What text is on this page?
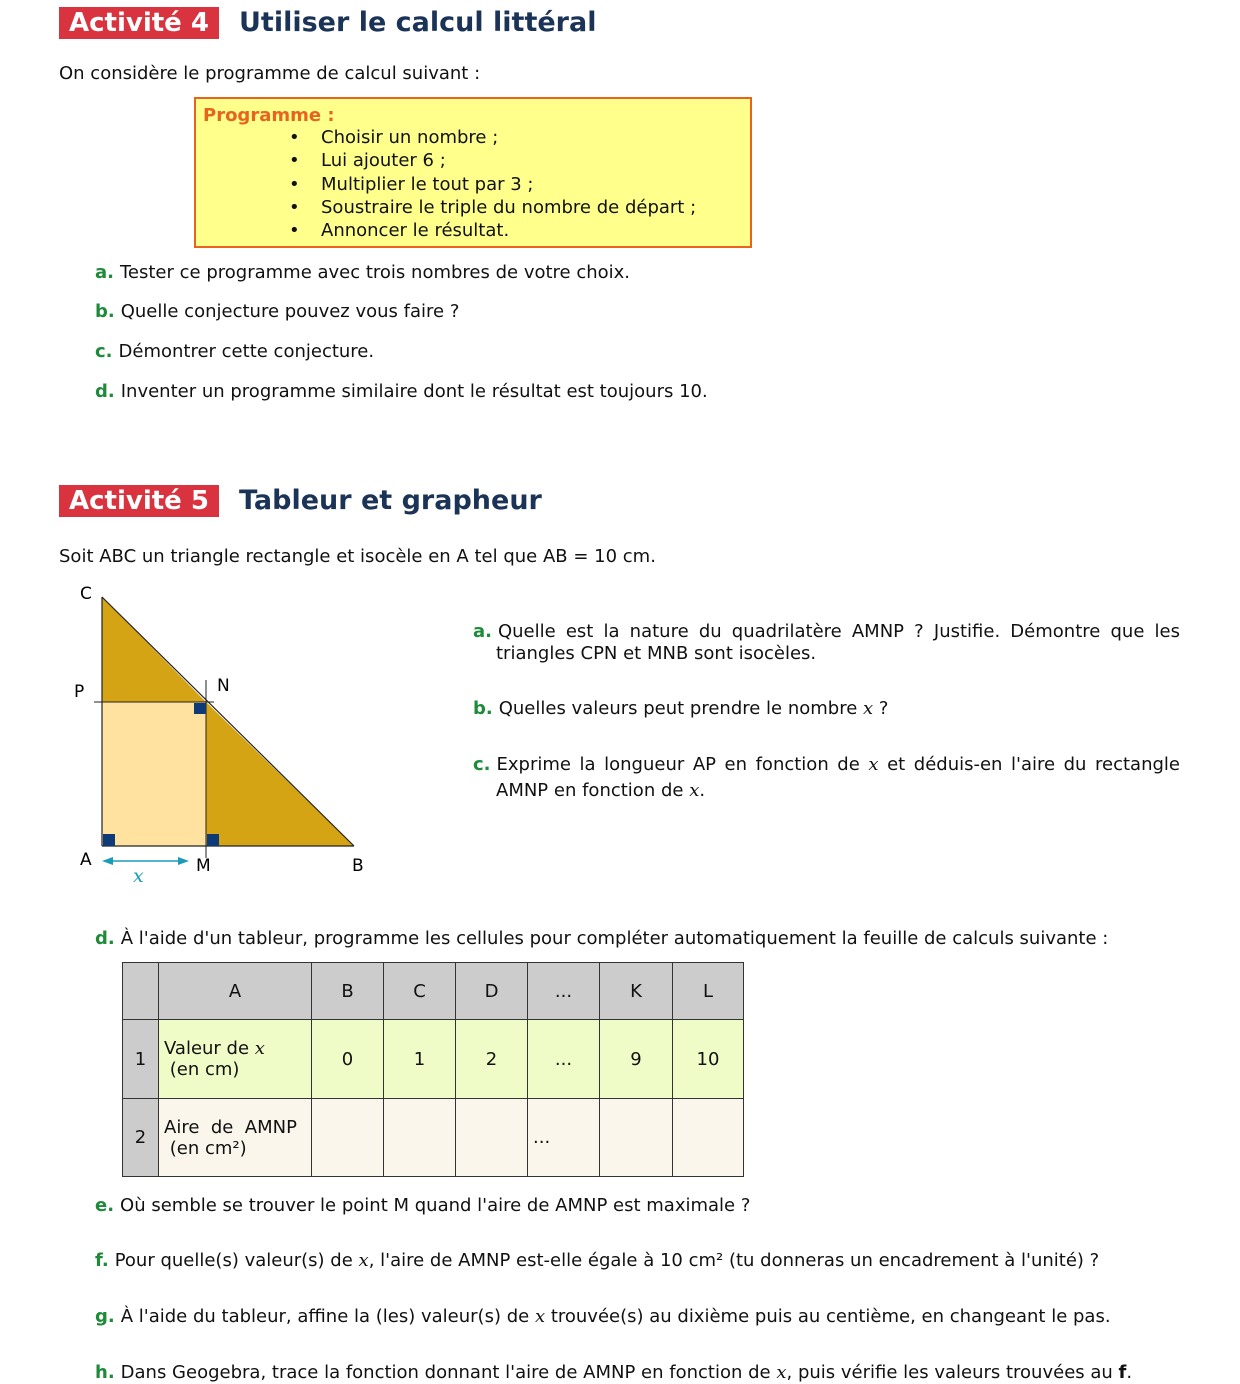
Activité 4	Utiliser le calcul littéral
On considère le programme de calcul suivant :
Programme :
• Choisir un nombre ;
• Lui ajouter 6 ;
• Multiplier le tout par 3 ;
• Soustraire le triple du nombre de départ ;
• Annoncer le résultat.
a. Tester ce programme avec trois nombres de votre choix.
b. Quelle conjecture pouvez vous faire ?
c. Démontrer cette conjecture.
d. Inventer un programme similaire dont le résultat est toujours 10.
Activité 5	Tableur et grapheur
Soit ABC un triangle rectangle et isocèle en A tel que AB = 10 cm.
C
P	N
A	M	B
x
a. Quelle est la nature du quadrilatère AMNP ? Justifie. Démontre que les
triangles CPN et MNB sont isocèles.
b. Quelles valeurs peut prendre le nombre x ?
c. Exprime la longueur AP en fonction de x et déduis-en l'aire du rectangle
AMNP en fonction de x.
d. À l'aide d'un tableur, programme les cellules pour compléter automatiquement la feuille de calculs suivante :
	A	B	C	D	...	K	L
1	Valeur de x
(en cm)	0	1	2	...	9	10
2	Aire  de  AMNP
(en cm²)				...		
e. Où semble se trouver le point M quand l'aire de AMNP est maximale ?
f. Pour quelle(s) valeur(s) de x, l'aire de AMNP est-elle égale à 10 cm² (tu donneras un encadrement à l'unité) ?
g. À l'aide du tableur, affine la (les) valeur(s) de x trouvée(s) au dixième puis au centième, en changeant le pas.
h. Dans Geogebra, trace la fonction donnant l'aire de AMNP en fonction de x, puis vérifie les valeurs trouvées au f.
